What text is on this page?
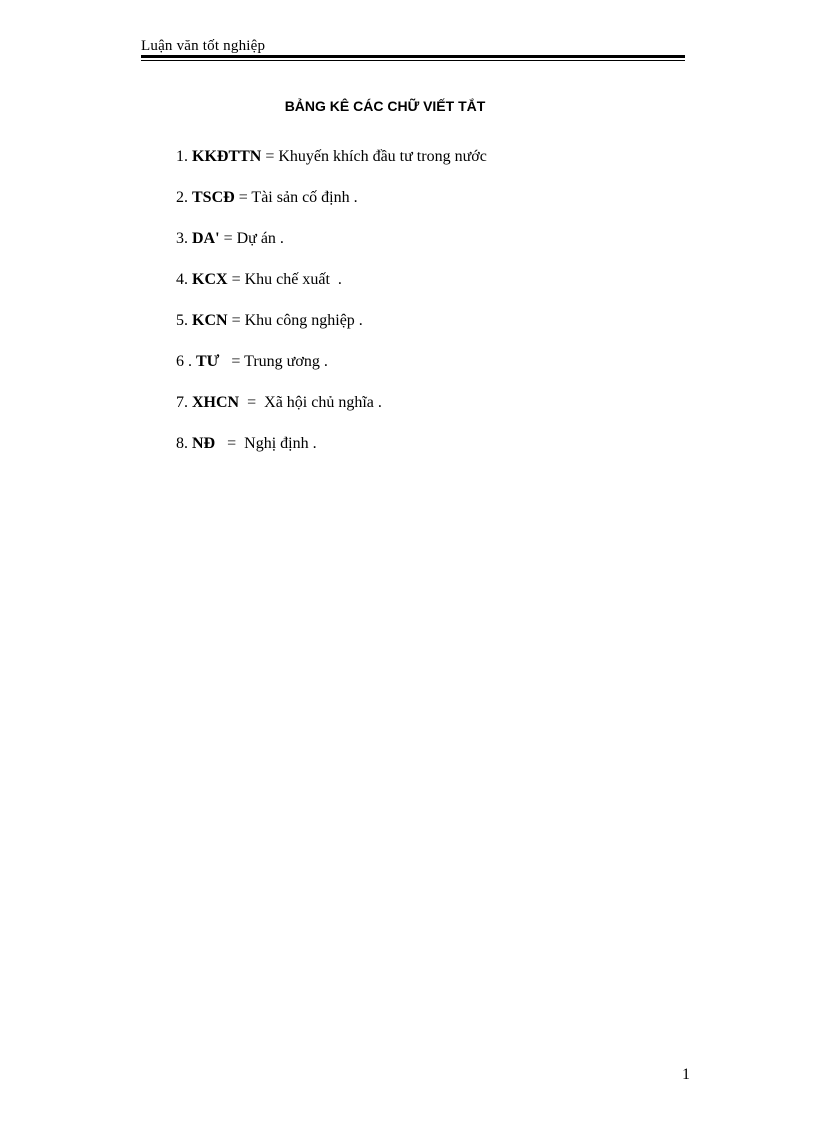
Luận văn tốt nghiệp
BẢNG KÊ CÁC CHỮ VIẾT TẮT
1. KKĐTTN = Khuyến khích đầu tư trong nước
2. TSCĐ = Tài sản cố định .
3. DA' = Dự án .
4. KCX = Khu chế xuất  .
5. KCN = Khu công nghiệp .
6 . TƯ   = Trung ương .
7. XHCN  =  Xã hội chủ nghĩa .
8. NĐ   =  Nghị định .
1
